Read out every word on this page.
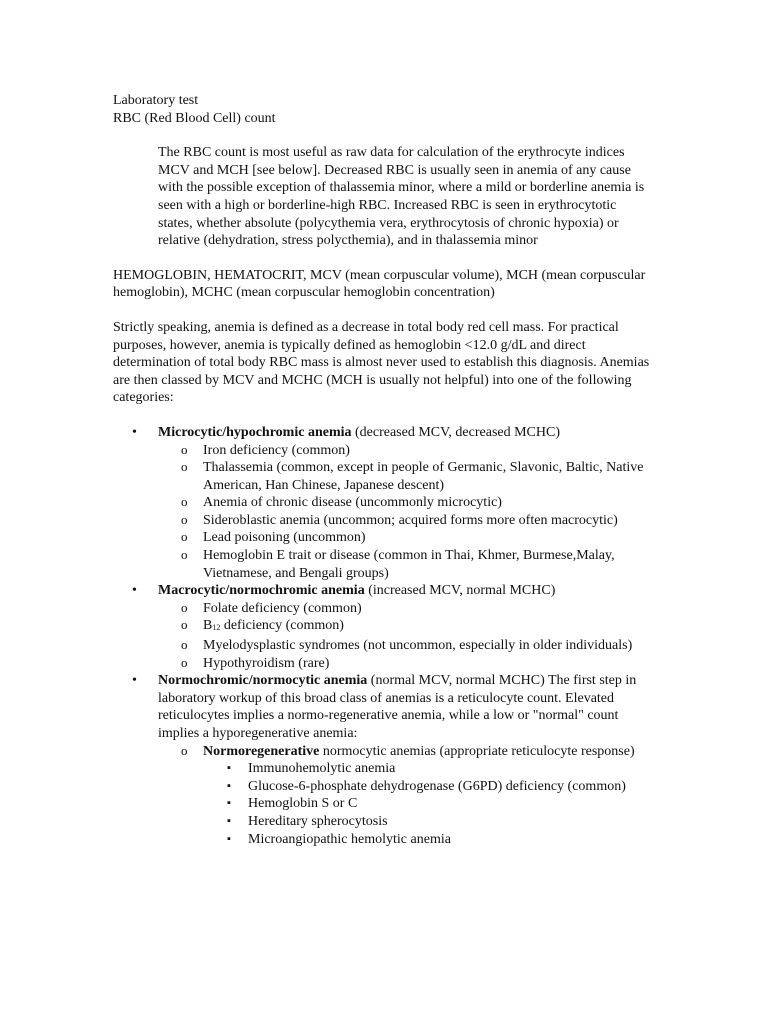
Laboratory test

RBC (Red Blood Cell) count

The RBC count is most useful as raw data for calculation of the erythrocyte indices MCV and MCH [see below]. Decreased RBC is usually seen in anemia of any cause with the possible exception of thalassemia minor, where a mild or borderline anemia is seen with a high or borderline-high RBC. Increased RBC is seen in erythrocytotic states, whether absolute (polycythemia vera, erythrocytosis of chronic hypoxia) or relative (dehydration, stress polycthemia), and in thalassemia minor

HEMOGLOBIN, HEMATOCRIT, MCV (mean corpuscular volume), MCH (mean corpuscular hemoglobin), MCHC (mean corpuscular hemoglobin concentration)

Strictly speaking, anemia is defined as a decrease in total body red cell mass. For practical purposes, however, anemia is typically defined as hemoglobin <12.0 g/dL and direct determination of total body RBC mass is almost never used to establish this diagnosis. Anemias are then classed by MCV and MCHC (MCH is usually not helpful) into one of the following categories:

• Microcytic/hypochromic anemia (decreased MCV, decreased MCHC)
o Iron deficiency (common)
o Thalassemia (common, except in people of Germanic, Slavonic, Baltic, Native American, Han Chinese, Japanese descent)
o Anemia of chronic disease (uncommonly microcytic)
o Sideroblastic anemia (uncommon; acquired forms more often macrocytic)
o Lead poisoning (uncommon)
o Hemoglobin E trait or disease (common in Thai, Khmer, Burmese,Malay, Vietnamese, and Bengali groups)
• Macrocytic/normochromic anemia (increased MCV, normal MCHC)
o Folate deficiency (common)
o $B_{12}$ deficiency (common)
o Myelodysplastic syndromes (not uncommon, especially in older individuals)
o Hypothyroidism (rare)
• Normochromic/normocytic anemia (normal MCV, normal MCHC) The first step in laboratory workup of this broad class of anemias is a reticulocyte count. Elevated reticulocytes implies a normo-regenerative anemia, while a low or "normal" count implies a hyporegenerative anemia:
o Normoregenerative normocytic anemias (appropriate reticulocyte response)
▪ Immunohemolytic anemia
▪ Glucose-6-phosphate dehydrogenase (G6PD) deficiency (common)
▪ Hemoglobin S or C
▪ Hereditary spherocytosis
▪ Microangiopathic hemolytic anemia
